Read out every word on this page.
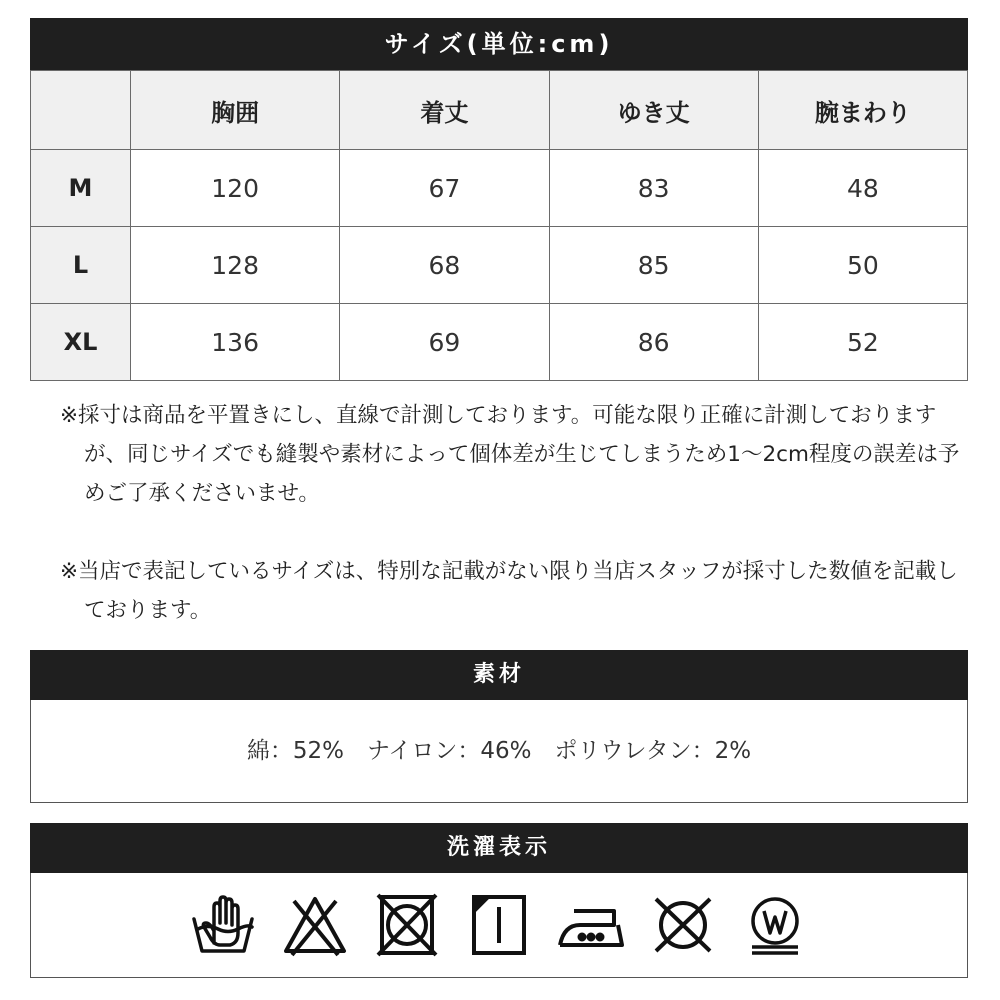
サイズ(単位:cm)
	胸囲	着丈	ゆき丈	腕まわり
M	120	67	83	48
L	128	68	85	50
XL	136	69	86	52

※採寸は商品を平置きにし、直線で計測しております。可能な限り正確に計測しておりますが、同じサイズでも縫製や素材によって個体差が生じてしまうため1～2cm程度の誤差は予めご了承くださいませ。

※当店で表記しているサイズは、特別な記載がない限り当店スタッフが採寸した数値を記載しております。

素材
綿：52%　ナイロン：46%　ポリウレタン：2%
洗濯表示
